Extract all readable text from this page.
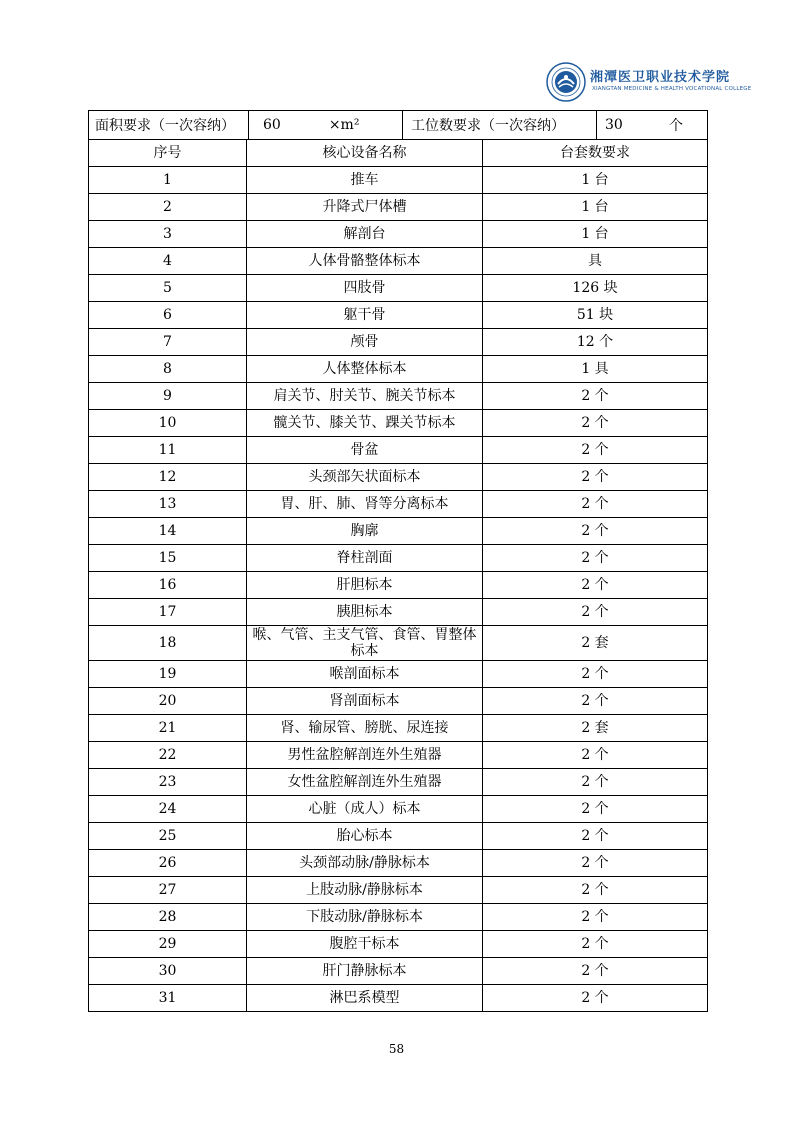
湘潭医卫职业技术学院
XIANGTAN MEDICINE & HEALTH VOCATIONAL COLLEGE
面积要求（一次容纳）	60	×m²	工位数要求（一次容纳）	30	个
序号	核心设备名称	台套数要求
1	推车	1 台
2	升降式尸体槽	1 台
3	解剖台	1 台
4	人体骨骼整体标本	具
5	四肢骨	126 块
6	躯干骨	51 块
7	颅骨	12 个
8	人体整体标本	1 具
9	肩关节、肘关节、腕关节标本	2 个
10	髋关节、膝关节、踝关节标本	2 个
11	骨盆	2 个
12	头颈部矢状面标本	2 个
13	胃、肝、肺、肾等分离标本	2 个
14	胸廓	2 个
15	脊柱剖面	2 个
16	肝胆标本	2 个
17	胰胆标本	2 个
18	喉、气管、主支气管、食管、胃整体标本	2 套
19	喉剖面标本	2 个
20	肾剖面标本	2 个
21	肾、输尿管、膀胱、尿连接	2 套
22	男性盆腔解剖连外生殖器	2 个
23	女性盆腔解剖连外生殖器	2 个
24	心脏（成人）标本	2 个
25	胎心标本	2 个
26	头颈部动脉/静脉标本	2 个
27	上肢动脉/静脉标本	2 个
28	下肢动脉/静脉标本	2 个
29	腹腔干标本	2 个
30	肝门静脉标本	2 个
31	淋巴系模型	2 个
58
